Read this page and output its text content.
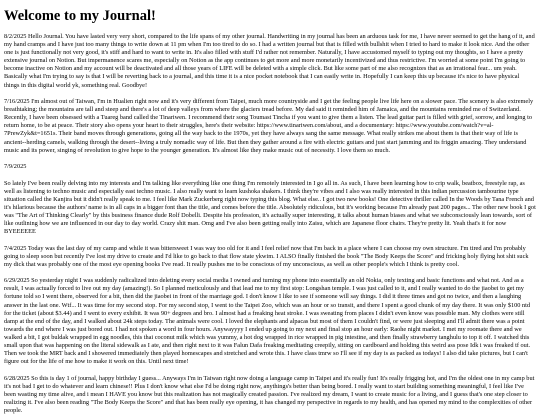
Welcome to my Journal!

8/2/2025 Hello Journal. You have lasted very very short, compared to the life spans of my other journal. Handwriting in my journal has been an arduous task for me, I have never seemed to get the hang of it, and my hand cramps and I have just too many things to write down at 11 pm when I'm too tired to do so. I had a written journal but that is filled with bullshit when I tried to hard to make it look nice. And the other one is just functionally not very good, it's stiff and hard to want to write in. It's also filled with stuff I'd rather not remember. Naturally, I have accustomed myself to typing out my thoughts, so I have a pretty extensive journal on Notion. But impermanence scares me, especially on Notion as the app continues to get more and more monetarily incentivized and thus restrictive. I'm worried at some point I'm going to become inactive on Notion and my account will be deactivated and all those years of LIFE will be deleted with a simple click. But like some part of me also recognizes that as an irrational fear... um yeah. Basically what I'm trying to say is that I will be reverting back to a journal, and this time it is a nice pocket notebook that I can easily write in. Hopefully I can keep this up because it's nice to have physical things in this digital world yk, something real. Goodbye!

7/16/2025 I'm almost out of Taiwan, I'm in Hualien right now and it's very different from Taipei, much more countryside and I get the feeling people live life here on a slower pace. The scenery is also extremely breathtaking; the mountains are tall and steep and there's a lot of deep valleys from where the glaciers tread before. My dad said it reminded him of Jamaica, and the mountains reminded me of Switzerland. Recently, I have been obsessed with a Tuareg band called the Tinariwen. I recommend their song Toumast Tincha if you want to give them a listen. The lead guitar part is filled with grief, sorrow, and longing to return home, to be at peace. Their story also opens your heart to their struggles, here's their website: https://www.tinariwen.com/about, and a documentary: https://www.youtube.com/watch?v=al-7PrewZyk&t=1651s. Their band moves through generations, going all the way back to the 1970s, yet they have always sang the same message. What really strikes me about them is that their way of life is ancient--herding camels, walking through the desert--living a truly nomadic way of life. But then they gather around a fire with electric guitars and just start jamming and its friggin amazing. They understand music and its power, singing of revolution to give hope to the younger generation. It's almost like they make music out of necessity. I love them so much.

7/9/2025

So lately I've been really delving into my interests and I'm talking like everything like one thing I'm remotely interested in I go all in. As such, I have been learning how to crip walk, beatbox, freestyle rap, as well as listening to techno music and especially east techno music. I also really want to learn kushoka shakers. I think they're vibes and I also was really interested in this indian percussion tambourine type situation called the Kanjira but it didn't really speak to me. I feel like Mark Zuckerberg right now typing this blog. What else.. I got two new books! One detective thriller called In the Woods by Tana French and it's hilarious because the authors' name is in all caps in a bigger font than the title, and comes before the title. Absolutely ridiculous, but it's working because I'm already past 200 pages... The other new book I got was "The Art of Thinking Clearly" by this business finance dude Rolf Dobelli. Despite his profession, it's actually super interesting, it talks about human biases and what we subconsciously lean towards, sort of like outlining how we are influenced in our day to day world. Crazy shit man. Omg and I've also been getting really into Zaisu, which are Japanese floor chairs. They're pretty lit. Yeah that's it for now BYEEEEEE

7/4/2025 Today was the last day of my camp and while it was bittersweet I was way too old for it and I feel relief now that I'm back in a place where I can choose my own structure. I'm tired and I'm probably going to sleep soon but recently I've lost my drive to create and I'd like to go back to that flow state ykwim. I ALSO finally finished the book "The Body Keeps the Score" and fricking holy flying hot shit suck my dick that was probably one of the most eye opening books I've read. It really pushes me to be conscious of my unconscious, as well as other people's which I think is pretty cool.

6/29/2025 So yesterday night I was suddenly radicalized into deleting every social media I owned and turning my phone into essentially an old Nokia, only texting and basic functions and what not. And as a result, I was actually forced to live out my day (amazing!). So I planned meticulously and that lead me to my first stop: Longshan temple. I was just called to it, and I really wanted to do the jiaobei to get my fortune told so I went there, observed for a bit, then did the jiaobei in front of the marriage god. I don't know I like to see if someone will say things. I did it three times and got no twice, and then a laughing answer in the last one. Wtf... It was time for my second stop. For my second stop, I went to the Taipei Zoo, which was an hour or so transit, and there I spent a good chunk of my day there. It was only $100 ntd for the ticket (about $3.44) and I went to every exhibit. It was 90+ degrees and bro. I almost had a freaking heat stroke. I was sweating from places I didn't even know was possible man. My clothes were still damp at the end of the day, and I walked about 24k steps today. The animals were cool. I loved the elephants and alpacas but most of them I couldn't find, or were just sleeping and I'll admit there was a point towards the end where I was just bored out. I had not spoken a word in four hours. Anywayyyy I ended up going to my next and final stop an hour early: Raohe night market. I met my roomate there and we walked a bit, I got buldak wrapped in egg noodles, this thai coconut milk which was yummy, a hot dog wrapped in rice wrapped in pig intestine, and then finally strawberry tanghulu to top it off. I watched this small upon that was happening on the literal sidewalk as I ate, and then right next to it was Falun Dafa freaking meditating creepily, sitting on cardboard and holding this weird ass pose Idk i was freaked tf out. Then we took the MRT back and I showered immediately then played homescapes and stretched and wrote this. I have class tmrw so I'll see if my day is as packed as todays! I also did take pictures, but I can't figure out for the life of me how to make it work on this. Until next time!

6/28/2025 So this is day 1 of journal, happy birthday I guess... Anyways I'm in Taiwan right now doing a language camp in Taipei and it's really fun! It's really frigging hot, and I'm the oldest one in my camp but it's not bad I get to do whatever and learn chinese!! Plus I don't know what else I'd be doing right now, anythings's better than being bored. I really want to start building something meaningful, I feel like I've been wasting my time alive, and i mean I HAVE you know but this realization has not magically created passion. I've realized my dream, I want to create music for a living, and I guess that's one step closer to realizing it. I've also been reading "The Body Keeps the Score" and that has been really eye opening, it has changed my perspective in regards to my health, and has opened my mind to the complexities of other people.
